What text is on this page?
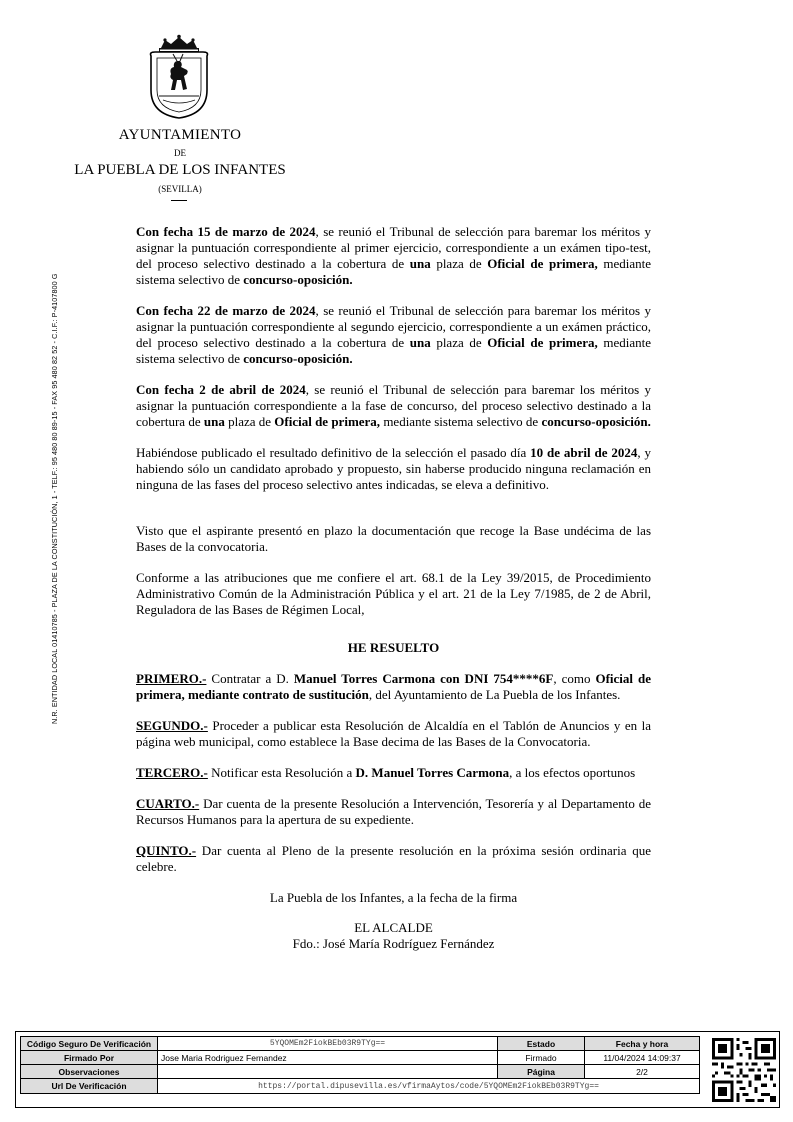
AYUNTAMIENTO
DE
LA PUEBLA DE LOS INFANTES
(SEVILLA)
N.R. ENTIDAD LOCAL 01410785 - PLAZA DE LA CONSTITUCIÓN, 1 - TELF.: 95 480 80 89-15 - FAX 95 480 82 52 - C.I.F.: P-4107800 G

Con fecha 15 de marzo de 2024, se reunió el Tribunal de selección para baremar los méritos y asignar la puntuación correspondiente al primer ejercicio, correspondiente a un exámen tipo-test, del proceso selectivo destinado a la cobertura de una plaza de Oficial de primera, mediante sistema selectivo de concurso-oposición.

Con fecha 22 de marzo de 2024, se reunió el Tribunal de selección para baremar los méritos y asignar la puntuación correspondiente al segundo ejercicio, correspondiente a un exámen práctico, del proceso selectivo destinado a la cobertura de una plaza de Oficial de primera, mediante sistema selectivo de concurso-oposición.

Con fecha 2 de abril de 2024, se reunió el Tribunal de selección para baremar los méritos y asignar la puntuación correspondiente a la fase de concurso, del proceso selectivo destinado a la cobertura de una plaza de Oficial de primera, mediante sistema selectivo de concurso-oposición.

Habiéndose publicado el resultado definitivo de la selección el pasado día 10 de abril de 2024, y habiendo sólo un candidato aprobado y propuesto, sin haberse producido ninguna reclamación en ninguna de las fases del proceso selectivo antes indicadas, se eleva a definitivo.

Visto que el aspirante presentó en plazo la documentación que recoge la Base undécima de las Bases de la convocatoria.

Conforme a las atribuciones que me confiere el art. 68.1 de la Ley 39/2015, de Procedimiento Administrativo Común de la Administración Pública y el art. 21 de la Ley 7/1985, de 2 de Abril, Reguladora de las Bases de Régimen Local,

HE RESUELTO

PRIMERO.- Contratar a D. Manuel Torres Carmona con DNI 754****6F, como Oficial de primera, mediante contrato de sustitución, del Ayuntamiento de La Puebla de los Infantes.

SEGUNDO.- Proceder a publicar esta Resolución de Alcaldía en el Tablón de Anuncios y en la página web municipal, como establece la Base decima de las Bases de la Convocatoria.

TERCERO.- Notificar esta Resolución a D. Manuel Torres Carmona, a los efectos oportunos

CUARTO.- Dar cuenta de la presente Resolución a Intervención, Tesorería y al Departamento de Recursos Humanos para la apertura de su expediente.

QUINTO.- Dar cuenta al Pleno de la presente resolución en la próxima sesión ordinaria que celebre.

La Puebla de los Infantes, a la fecha de la firma

EL ALCALDE

Fdo.: José María Rodríguez Fernández

Código Seguro De Verificación	5YQOMEm2FiokBEb03R9TYg==	Estado	Fecha y hora
Firmado Por	Jose Maria Rodriguez Fernandez	Firmado	11/04/2024 14:09:37
Observaciones		Página	2/2
Url De Verificación	https://portal.dipusevilla.es/vfirmaAytos/code/5YQOMEm2FiokBEb03R9TYg==		
